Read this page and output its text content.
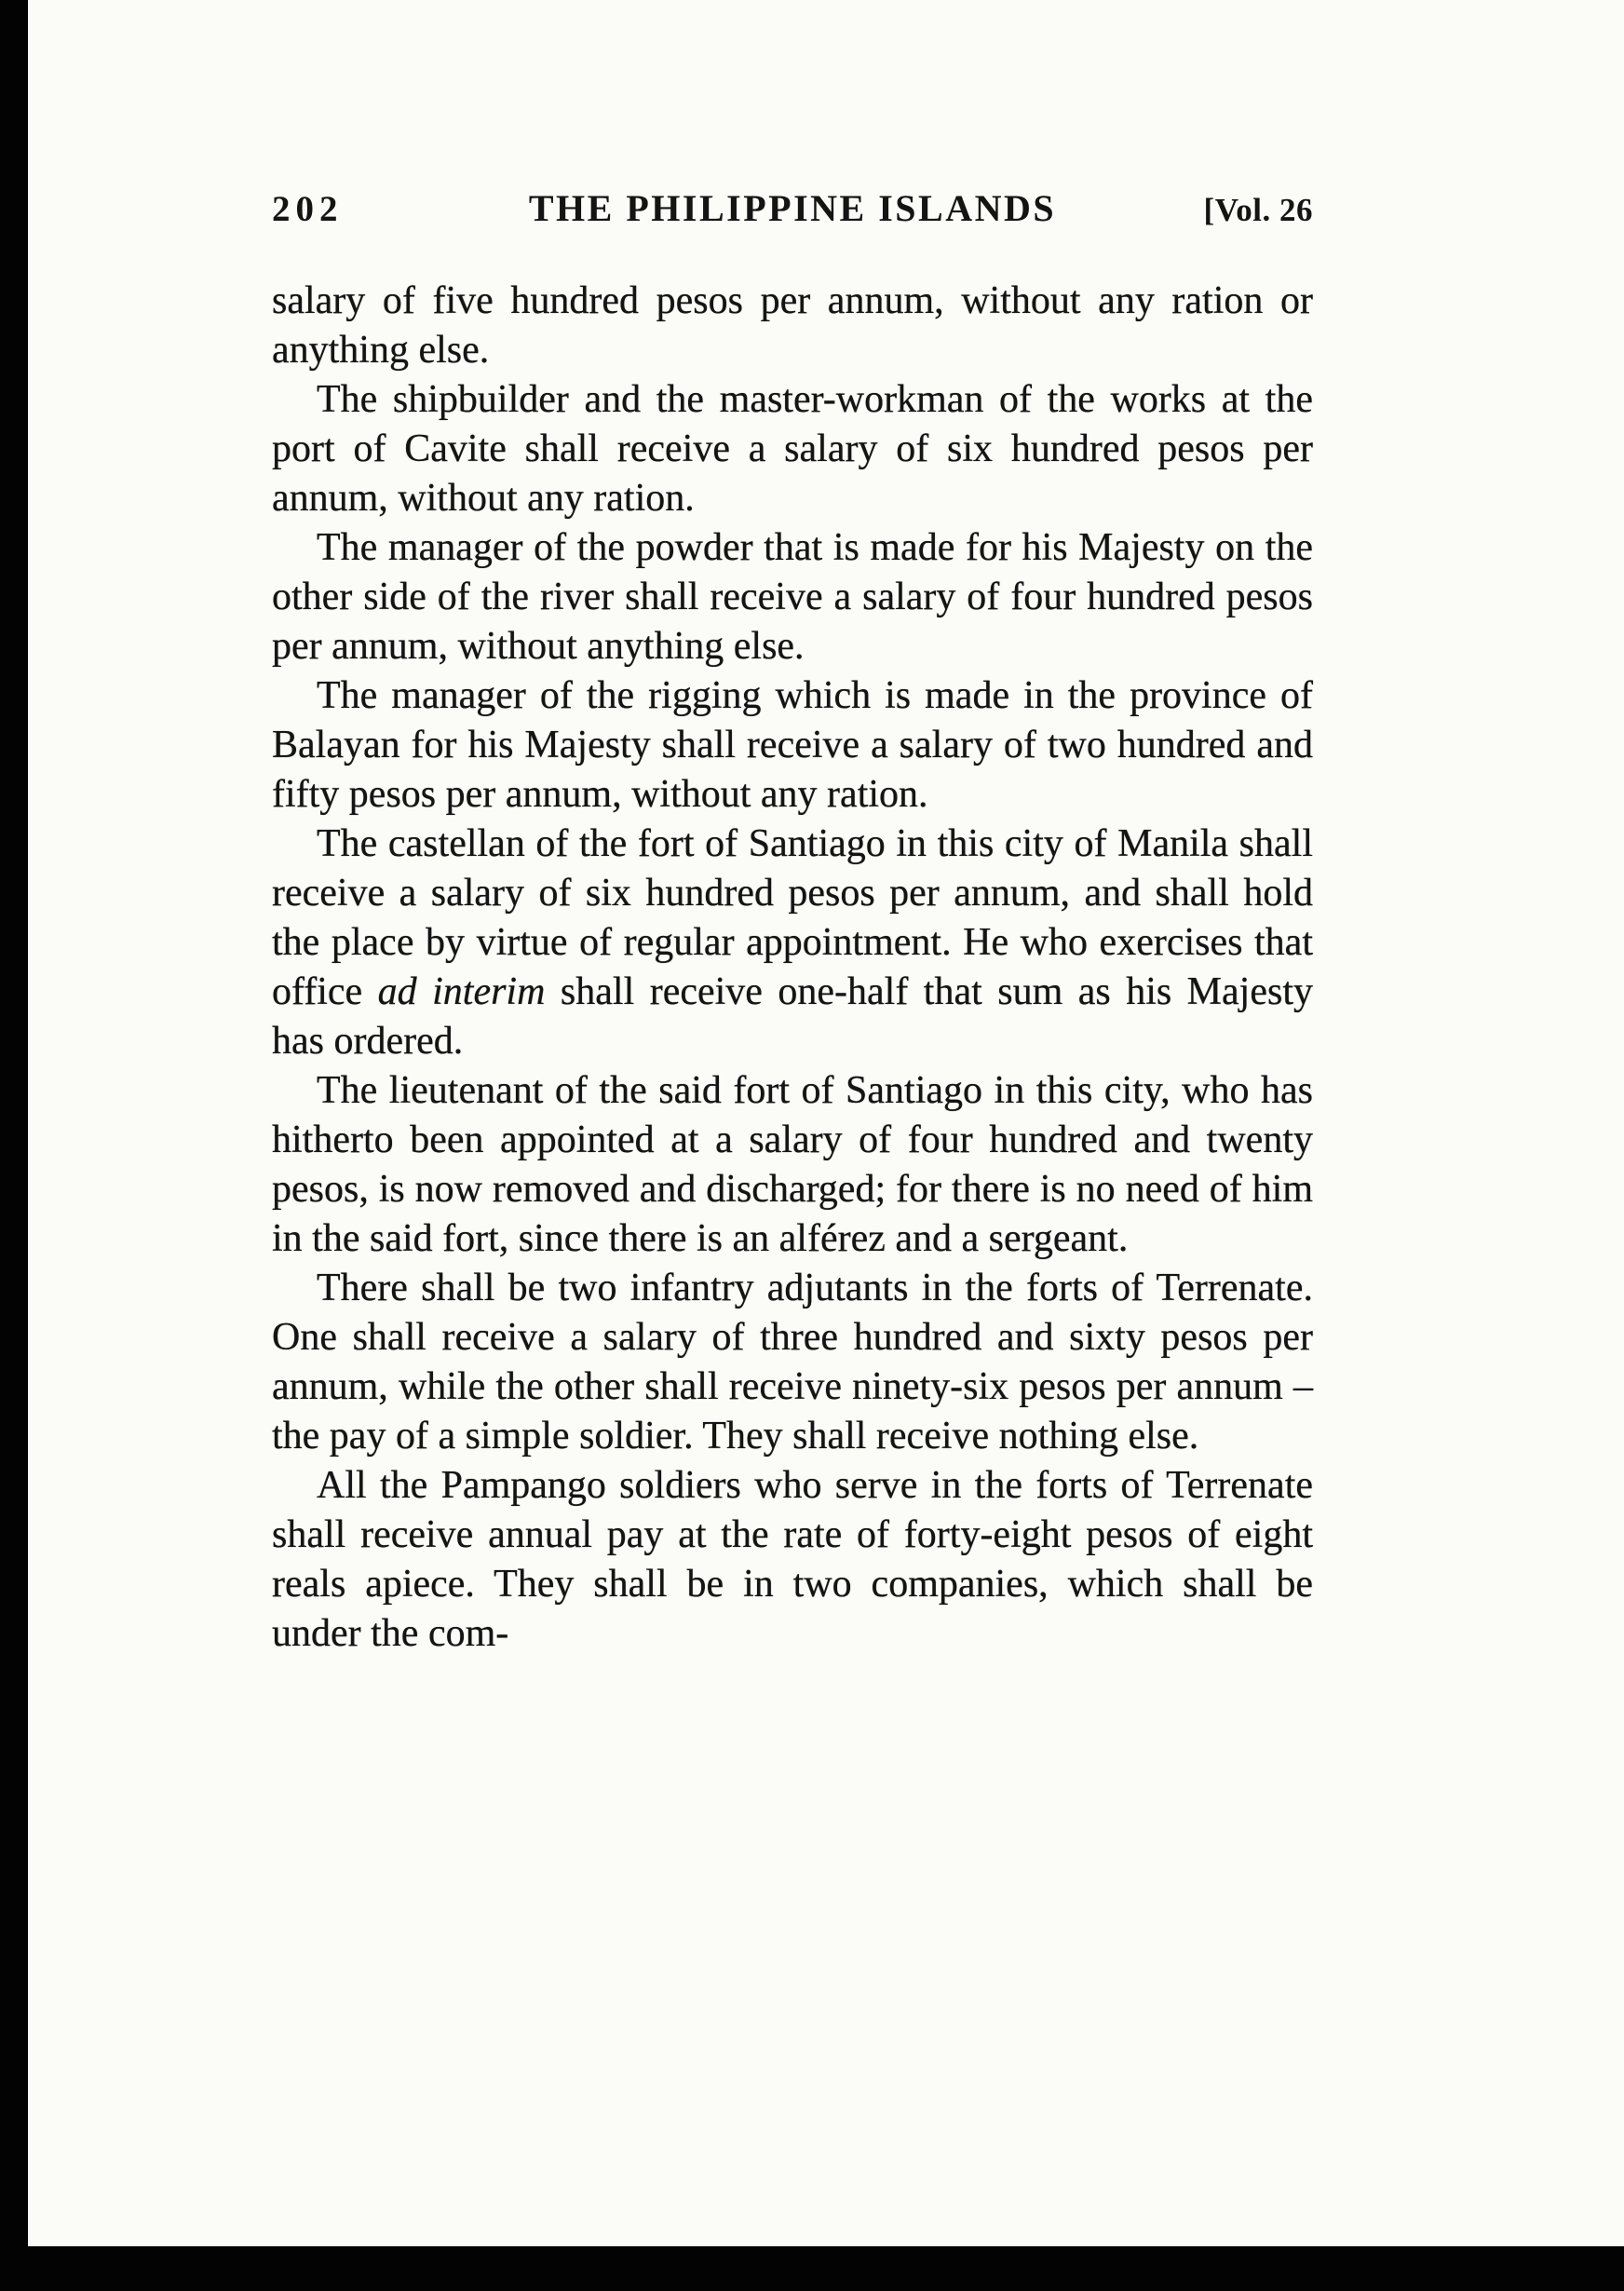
202	THE PHILIPPINE ISLANDS	[Vol. 26

salary of five hundred pesos per annum, without any ration or anything else.

The shipbuilder and the master-workman of the works at the port of Cavite shall receive a salary of six hundred pesos per annum, without any ration.

The manager of the powder that is made for his Majesty on the other side of the river shall receive a salary of four hundred pesos per annum, without anything else.

The manager of the rigging which is made in the province of Balayan for his Majesty shall receive a salary of two hundred and fifty pesos per annum, without any ration.

The castellan of the fort of Santiago in this city of Manila shall receive a salary of six hundred pesos per annum, and shall hold the place by virtue of regular appointment. He who exercises that office ad interim shall receive one-half that sum as his Majesty has ordered.

The lieutenant of the said fort of Santiago in this city, who has hitherto been appointed at a salary of four hundred and twenty pesos, is now removed and discharged; for there is no need of him in the said fort, since there is an alférez and a sergeant.

There shall be two infantry adjutants in the forts of Terrenate. One shall receive a salary of three hundred and sixty pesos per annum, while the other shall receive ninety-six pesos per annum – the pay of a simple soldier. They shall receive nothing else.

All the Pampango soldiers who serve in the forts of Terrenate shall receive annual pay at the rate of forty-eight pesos of eight reals apiece. They shall be in two companies, which shall be under the com-
